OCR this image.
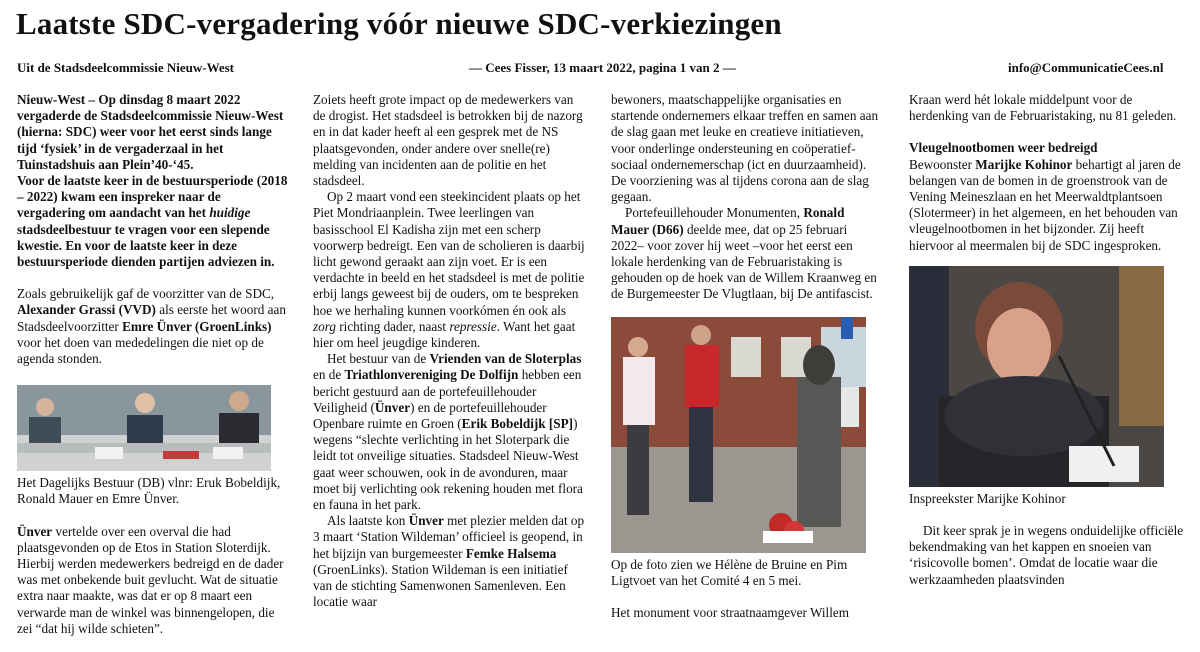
Laatste SDC-vergadering vóór nieuwe SDC-verkiezingen
Uit de Stadsdeelcommissie Nieuw-West	— Cees Fisser, 13 maart 2022, pagina 1 van 2 —	info@CommunicatieCees.nl

Nieuw-West – Op dinsdag 8 maart 2022 vergaderde de Stadsdeelcommissie Nieuw-West (hierna: SDC) weer voor het eerst sinds lange tijd ‘fysiek’ in de vergaderzaal in het Tuinstadshuis aan Plein’40-‘45.

Voor de laatste keer in de bestuursperiode (2018 – 2022) kwam een inspreker naar de vergadering om aandacht van het huidige stadsdeelbestuur te vragen voor een slepende kwestie. En voor de laatste keer in deze bestuursperiode dienden partijen adviezen in.

Zoals gebruikelijk gaf de voorzitter van de SDC, Alexander Grassi (VVD) als eerste het woord aan Stadsdeelvoorzitter Emre Ünver (GroenLinks) voor het doen van mededelingen die niet op de agenda stonden.

Het Dagelijks Bestuur (DB) vlnr: Eruk Bobeldijk, Ronald Mauer en Emre Ünver.

Ünver vertelde over een overval die had plaatsgevonden op de Etos in Station Sloterdijk. Hierbij werden medewerkers bedreigd en de dader was met onbekende buit gevlucht. Wat de situatie extra naar maakte, was dat er op 8 maart een verwarde man de winkel was binnengelopen, die zei “dat hij wilde schieten”.

Zoiets heeft grote impact op de medewerkers van de drogist. Het stadsdeel is betrokken bij de nazorg en in dat kader heeft al een gesprek met de NS plaatsgevonden, onder andere over snelle(re) melding van incidenten aan de politie en het stadsdeel.

Op 2 maart vond een steekincident plaats op het Piet Mondriaanplein. Twee leerlingen van basisschool El Kadisha zijn met een scherp voorwerp bedreigt. Een van de scholieren is daarbij licht gewond geraakt aan zijn voet. Er is een verdachte in beeld en het stadsdeel is met de politie erbij langs geweest bij de ouders, om te bespreken hoe we herhaling kunnen voorkómen én ook als zorg richting dader, naast repressie. Want het gaat hier om heel jeugdige kinderen.

Het bestuur van de Vrienden van de Sloterplas en de Triathlonvereniging De Dolfijn hebben een bericht gestuurd aan de portefeuillehouder Veiligheid (Ünver) en de portefeuillehouder Openbare ruimte en Groen (Erik Bobeldijk [SP]) wegens “slechte verlichting in het Sloterpark die leidt tot onveilige situaties. Stadsdeel Nieuw-West gaat weer schouwen, ook in de avonduren, maar moet bij verlichting ook rekening houden met flora en fauna in het park.

Als laatste kon Ünver met plezier melden dat op 3 maart ‘Station Wildeman’ officieel is geopend, in het bijzijn van burgemeester Femke Halsema (GroenLinks). Station Wildeman is een initiatief van de stichting Samenwonen Samenleven. Een locatie waar

bewoners, maatschappelijke organisaties en startende ondernemers elkaar treffen en samen aan de slag gaan met leuke en creatieve initiatieven, voor onderlinge ondersteuning en coöperatief-sociaal ondernemerschap (ict en duurzaamheid). De voorziening was al tijdens corona aan de slag gegaan.

Portefeuillehouder Monumenten, Ronald Mauer (D66) deelde mee, dat op 25 februari 2022– voor zover hij weet –voor het eerst een lokale herdenking van de Februaristaking is gehouden op de hoek van de Willem Kraanweg en de Burgemeester De Vlugtlaan, bij De antifascist.

Op de foto zien we Hélène de Bruine en Pim Ligtvoet van het Comité 4 en 5 mei.

Het monument voor straatnaamgever Willem

Kraan werd hét lokale middelpunt voor de herdenking van de Februaristaking, nu 81 geleden.

Vleugelnootbomen weer bedreigd

Bewoonster Marijke Kohinor behartigt al jaren de belangen van de bomen in de groenstrook van de Vening Meineszlaan en het Meerwaldtplantsoen (Slotermeer) in het algemeen, en het behouden van vleugelnootbomen in het bijzonder. Zij heeft hiervoor al meermalen bij de SDC ingesproken.

Inspreekster Marijke Kohinor

Dit keer sprak je in wegens onduidelijke officiële bekendmaking van het kappen en snoeien van ‘risicovolle bomen’. Omdat de locatie waar die werkzaamheden plaatsvinden
